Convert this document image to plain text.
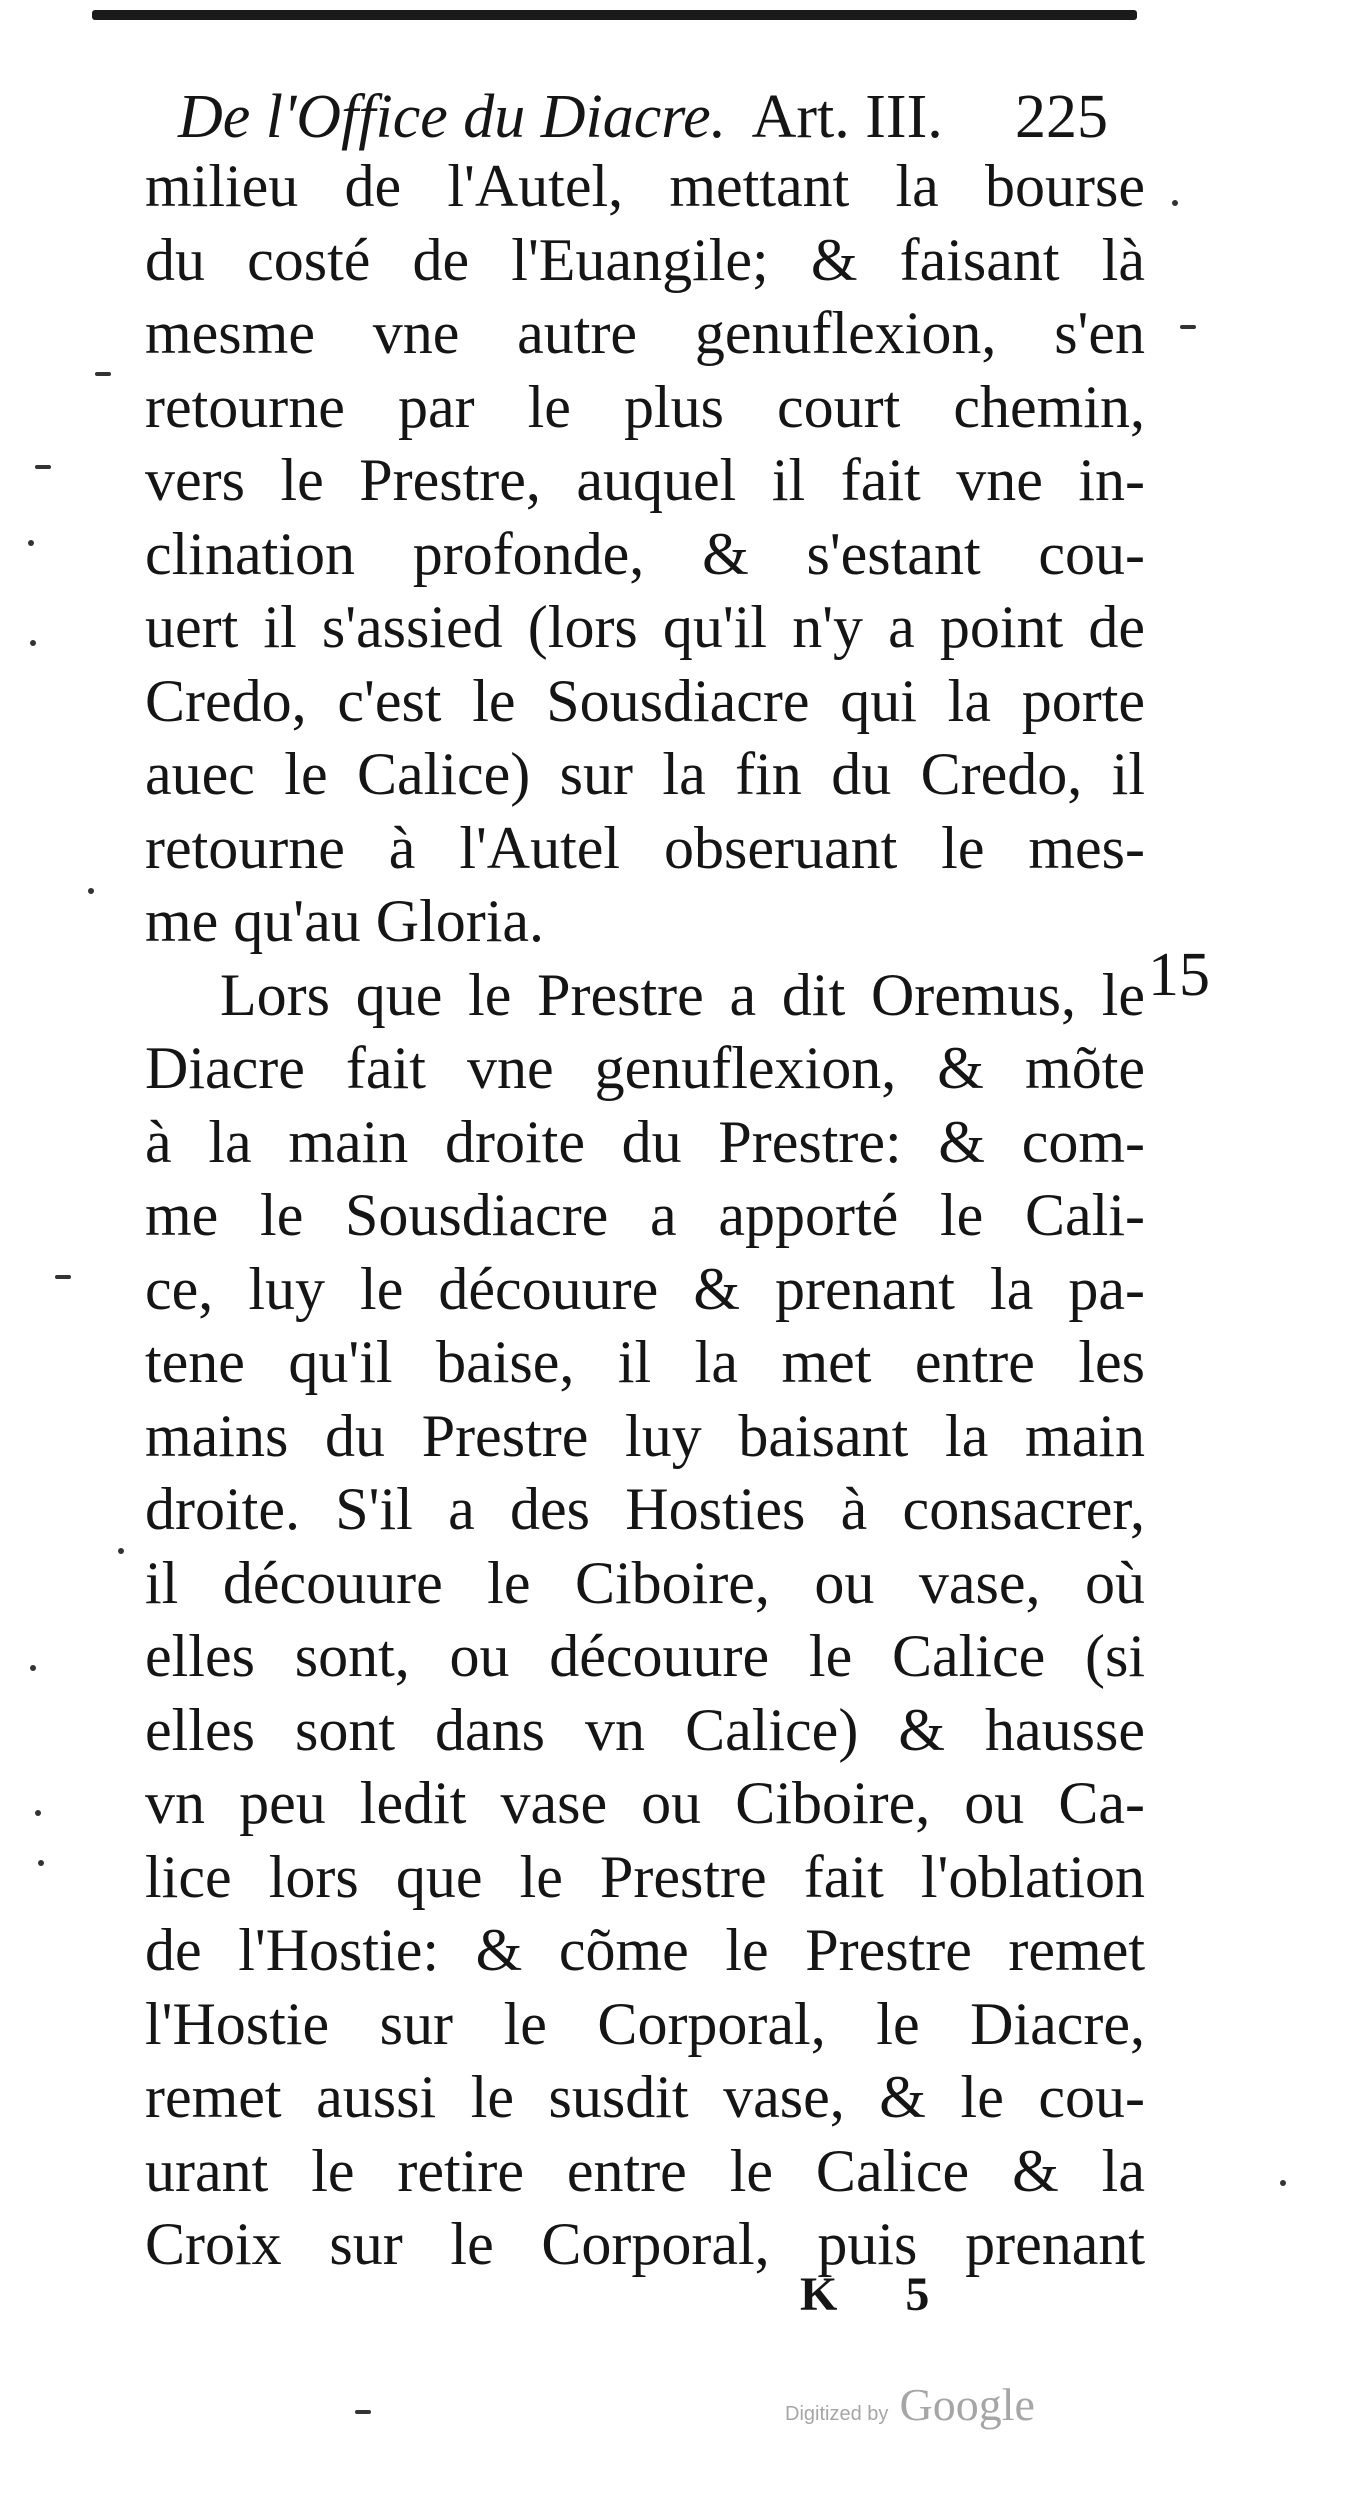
De l'Office du Diacre. Art. III. 225
15
milieu de l'Autel, mettant la bourse
du costé de l'Euangile; & faisant là
mesme vne autre genuflexion, s'en
retourne par le plus court chemin,
vers le Prestre, auquel il fait vne in-
clination profonde, & s'estant cou-
uert il s'assied (lors qu'il n'y a point de
Credo, c'est le Sousdiacre qui la porte
auec le Calice) sur la fin du Credo, il
retourne à l'Autel obseruant le mes-
me qu'au Gloria.
Lors que le Prestre a dit Oremus, le
Diacre fait vne genuflexion, & mõte
à la main droite du Prestre: & com-
me le Sousdiacre a apporté le Cali-
ce, luy le découure & prenant la pa-
tene qu'il baise, il la met entre les
mains du Prestre luy baisant la main
droite. S'il a des Hosties à consacrer,
il découure le Ciboire, ou vase, où
elles sont, ou découure le Calice (si
elles sont dans vn Calice) & hausse
vn peu ledit vase ou Ciboire, ou Ca-
lice lors que le Prestre fait l'oblation
de l'Hostie: & cõme le Prestre remet
l'Hostie sur le Corporal, le Diacre,
remet aussi le susdit vase, & le cou-
urant le retire entre le Calice & la
Croix sur le Corporal, puis prenant
K 5
Digitized by Google
